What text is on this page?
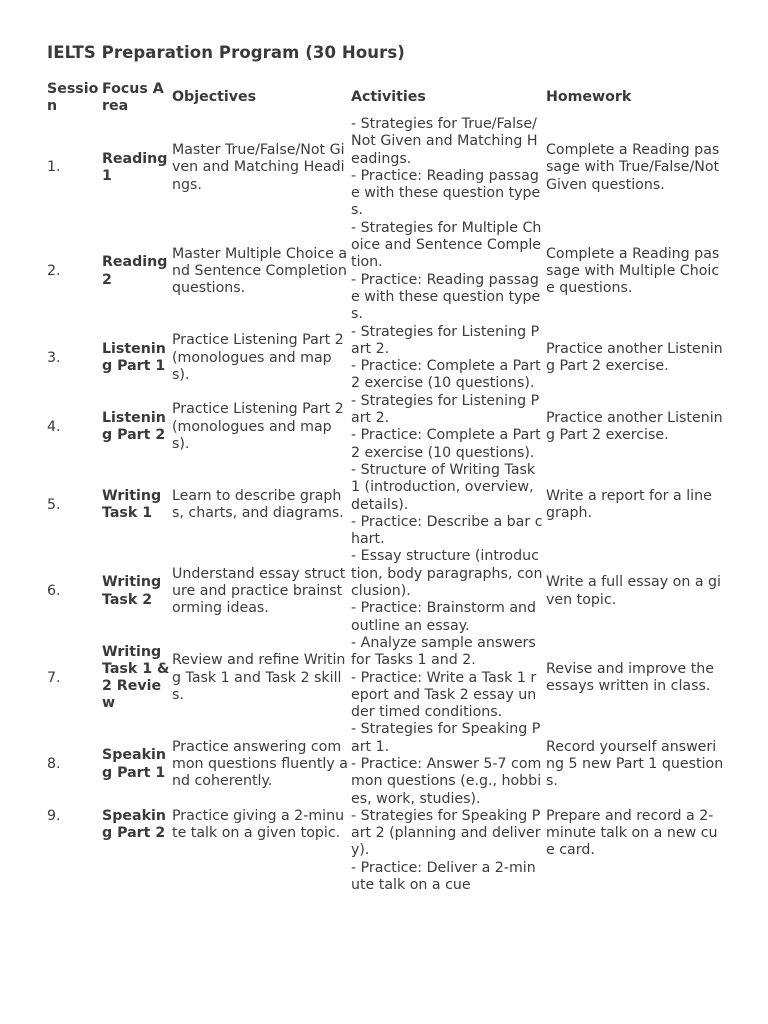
IELTS Preparation Program (30 Hours)
Session	Focus Area	Objectives	Activities	Homework
1.	Reading 1	Master True/False/Not Given and Matching Headings.	- Strategies for True/False/Not Given and Matching Headings.
- Practice: Reading passage with these question types.	Complete a Reading passage with True/False/Not Given questions.
2.	Reading 2	Master Multiple Choice and Sentence Completion questions.	- Strategies for Multiple Choice and Sentence Completion.
- Practice: Reading passage with these question types.	Complete a Reading passage with Multiple Choice questions.
3.	Listening Part 1	Practice Listening Part 2 (monologues and maps).	- Strategies for Listening Part 2.
- Practice: Complete a Part 2 exercise (10 questions).	Practice another Listening Part 2 exercise.
4.	Listening Part 2	Practice Listening Part 2 (monologues and maps).	- Strategies for Listening Part 2.
- Practice: Complete a Part 2 exercise (10 questions).	Practice another Listening Part 2 exercise.
5.	Writing Task 1	Learn to describe graphs, charts, and diagrams.	- Structure of Writing Task 1 (introduction, overview, details).
- Practice: Describe a bar chart.	Write a report for a line graph.
6.	Writing Task 2	Understand essay structure and practice brainstorming ideas.	- Essay structure (introduction, body paragraphs, conclusion).
- Practice: Brainstorm and outline an essay.	Write a full essay on a given topic.
7.	Writing Task 1 & 2 Review	Review and refine Writing Task 1 and Task 2 skills.	- Analyze sample answers for Tasks 1 and 2.
- Practice: Write a Task 1 report and Task 2 essay under timed conditions.	Revise and improve the essays written in class.
8.	Speaking Part 1	Practice answering common questions fluently and coherently.	- Strategies for Speaking Part 1.
- Practice: Answer 5-7 common questions (e.g., hobbies, work, studies).	Record yourself answering 5 new Part 1 questions.
9.	Speaking Part 2	Practice giving a 2-minute talk on a given topic.	- Strategies for Speaking Part 2 (planning and delivery).
- Practice: Deliver a 2-minute talk on a cue	Prepare and record a 2-minute talk on a new cue card.
